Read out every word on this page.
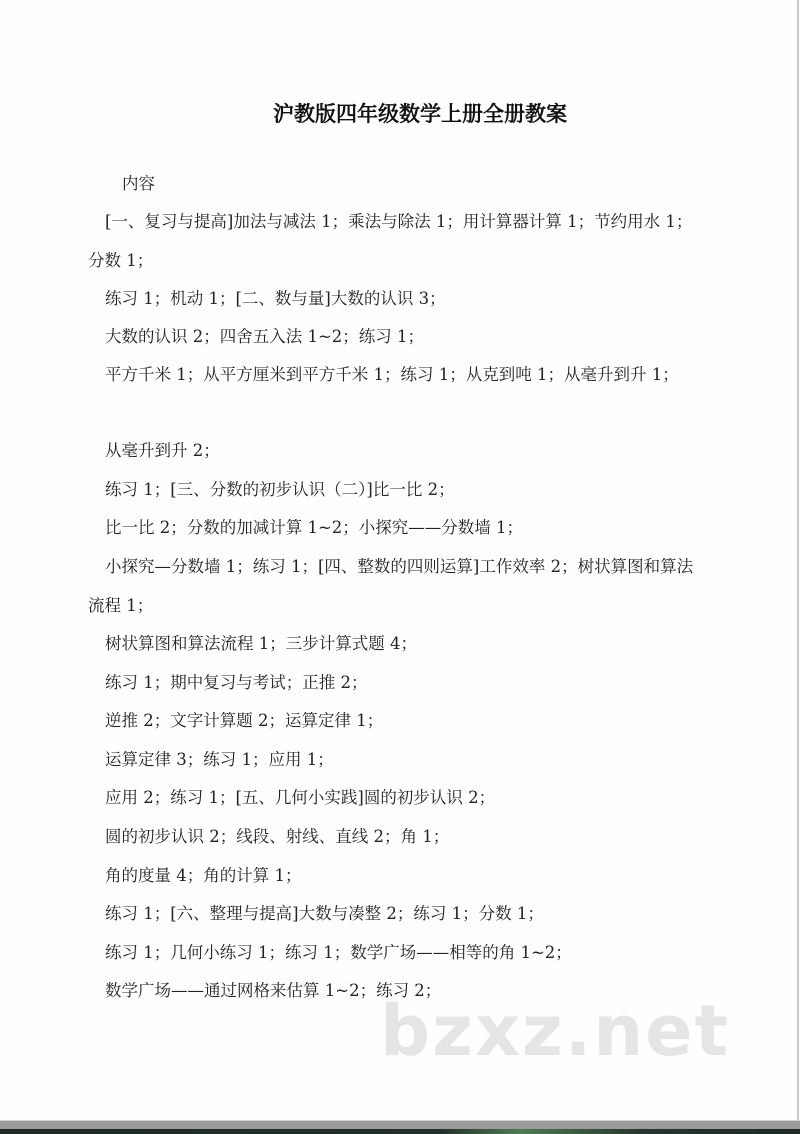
沪教版四年级数学上册全册教案
内容
[一、复习与提高]加法与减法 1；乘法与除法 1；用计算器计算 1；节约用水 1；分数 1；
练习 1；机动 1；[二、数与量]大数的认识 3；
大数的认识 2；四舍五入法 1~2；练习 1；
平方千米 1；从平方厘米到平方千米 1；练习 1；从克到吨 1；从毫升到升 1；
从毫升到升 2；
练习 1；[三、分数的初步认识（二）]比一比 2；
比一比 2；分数的加减计算 1~2；小探究——分数墙 1；
小探究—分数墙 1；练习 1；[四、整数的四则运算]工作效率 2；树状算图和算法流程 1；
树状算图和算法流程 1；三步计算式题 4；
练习 1；期中复习与考试；正推 2；
逆推 2；文字计算题 2；运算定律 1；
运算定律 3；练习 1；应用 1；
应用 2；练习 1；[五、几何小实践]圆的初步认识 2；
圆的初步认识 2；线段、射线、直线 2；角 1；
角的度量 4；角的计算 1；
练习 1；[六、整理与提高]大数与凑整 2；练习 1；分数 1；
练习 1；几何小练习 1；练习 1；数学广场——相等的角 1~2；
数学广场——通过网格来估算 1~2；练习 2；
bzxz.net
